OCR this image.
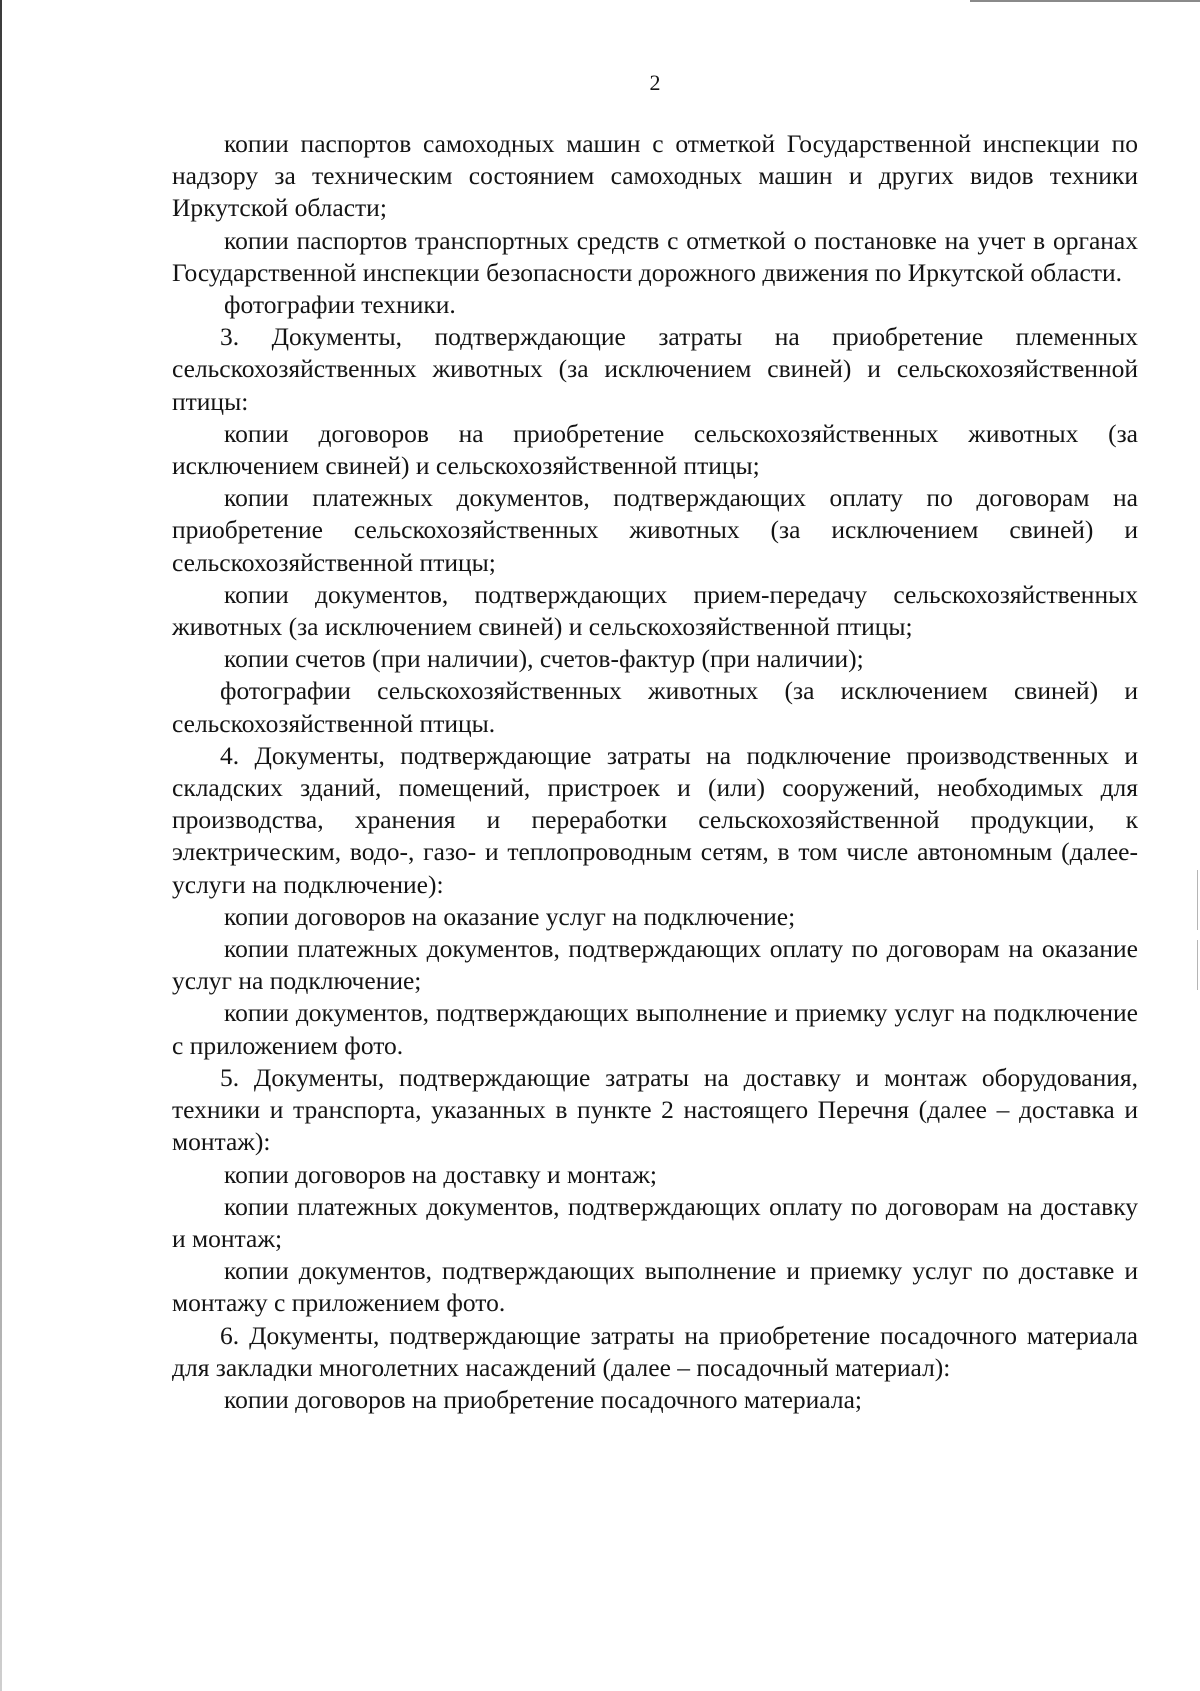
2

копии паспортов самоходных машин с отметкой Государственной инспекции по надзору за техническим состоянием самоходных машин и других видов техники Иркутской области;

копии паспортов транспортных средств с отметкой о постановке на учет в органах Государственной инспекции безопасности дорожного движения по Иркутской области.

фотографии техники.

3. Документы, подтверждающие затраты на приобретение племенных сельскохозяйственных животных (за исключением свиней) и сельскохозяйственной птицы:

копии договоров на приобретение сельскохозяйственных животных (за исключением свиней) и сельскохозяйственной птицы;

копии платежных документов, подтверждающих оплату по договорам на приобретение сельскохозяйственных животных (за исключением свиней) и сельскохозяйственной птицы;

копии документов, подтверждающих прием-передачу сельскохозяйственных животных (за исключением свиней) и сельскохозяйственной птицы;

копии счетов (при наличии), счетов-фактур (при наличии);

фотографии сельскохозяйственных животных (за исключением свиней) и сельскохозяйственной птицы.

4. Документы, подтверждающие затраты на подключение производственных и складских зданий, помещений, пристроек и (или) сооружений, необходимых для производства, хранения и переработки сельскохозяйственной продукции, к электрическим, водо-, газо- и теплопроводным сетям, в том числе автономным (далее- услуги на подключение):

копии договоров на оказание услуг на подключение;

копии платежных документов, подтверждающих оплату по договорам на оказание услуг на подключение;

копии документов, подтверждающих выполнение и приемку услуг на подключение с приложением фото.

5. Документы, подтверждающие затраты на доставку и монтаж оборудования, техники и транспорта, указанных в пункте 2 настоящего Перечня (далее – доставка и монтаж):

копии договоров на доставку и монтаж;

копии платежных документов, подтверждающих оплату по договорам на доставку и монтаж;

копии документов, подтверждающих выполнение и приемку услуг по доставке и монтажу с приложением фото.

6. Документы, подтверждающие затраты на приобретение посадочного материала для закладки многолетних насаждений (далее – посадочный материал):

копии договоров на приобретение посадочного материала;
